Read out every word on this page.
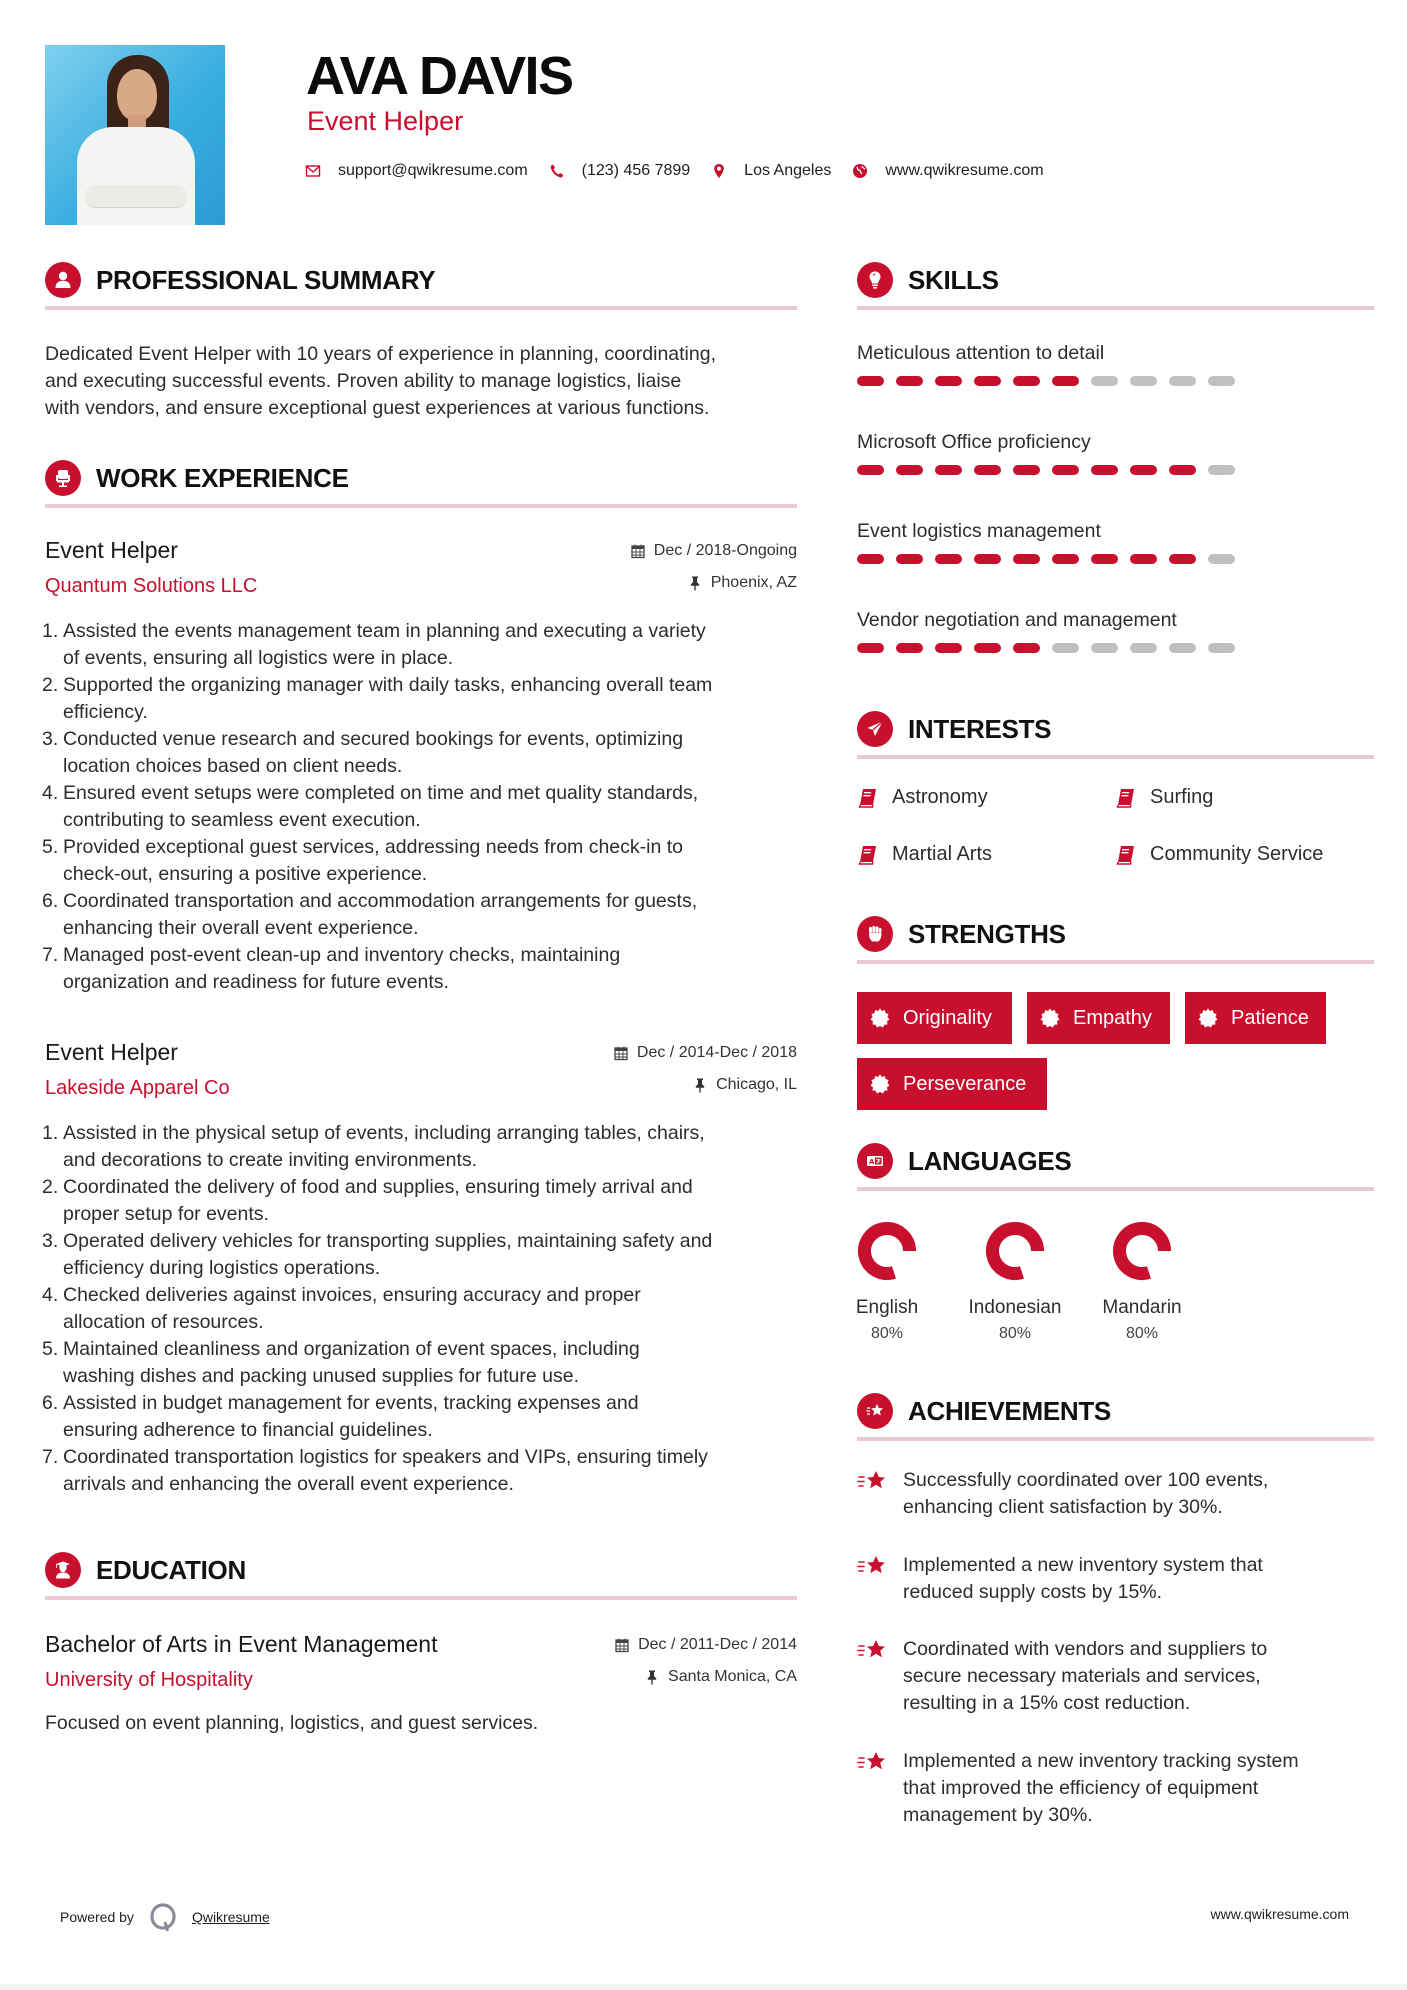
AVA DAVIS
Event Helper
support@qwikresume.com	(123) 456 7899	Los Angeles	www.qwikresume.com
PROFESSIONAL SUMMARY
Dedicated Event Helper with 10 years of experience in planning, coordinating,
and executing successful events. Proven ability to manage logistics, liaise
with vendors, and ensure exceptional guest experiences at various functions.
WORK EXPERIENCE
Event Helper
Quantum Solutions LLC
Dec / 2018-Ongoing
Phoenix, AZ
1. Assisted the events management team in planning and executing a variety
of events, ensuring all logistics were in place.
2. Supported the organizing manager with daily tasks, enhancing overall team
efficiency.
3. Conducted venue research and secured bookings for events, optimizing
location choices based on client needs.
4. Ensured event setups were completed on time and met quality standards,
contributing to seamless event execution.
5. Provided exceptional guest services, addressing needs from check-in to
check-out, ensuring a positive experience.
6. Coordinated transportation and accommodation arrangements for guests,
enhancing their overall event experience.
7. Managed post-event clean-up and inventory checks, maintaining
organization and readiness for future events.
Event Helper
Lakeside Apparel Co
Dec / 2014-Dec / 2018
Chicago, IL
1. Assisted in the physical setup of events, including arranging tables, chairs,
and decorations to create inviting environments.
2. Coordinated the delivery of food and supplies, ensuring timely arrival and
proper setup for events.
3. Operated delivery vehicles for transporting supplies, maintaining safety and
efficiency during logistics operations.
4. Checked deliveries against invoices, ensuring accuracy and proper
allocation of resources.
5. Maintained cleanliness and organization of event spaces, including
washing dishes and packing unused supplies for future use.
6. Assisted in budget management for events, tracking expenses and
ensuring adherence to financial guidelines.
7. Coordinated transportation logistics for speakers and VIPs, ensuring timely
arrivals and enhancing the overall event experience.
EDUCATION
Bachelor of Arts in Event Management
University of Hospitality
Dec / 2011-Dec / 2014
Santa Monica, CA
Focused on event planning, logistics, and guest services.
SKILLS
Meticulous attention to detail
Microsoft Office proficiency
Event logistics management
Vendor negotiation and management
INTERESTS
Astronomy	Surfing
Martial Arts	Community Service
STRENGTHS
Originality	Empathy	Patience
Perseverance
A LANGUAGES
English
80%
Indonesian
80%
Mandarin
80%
ACHIEVEMENTS
Successfully coordinated over 100 events,
enhancing client satisfaction by 30%.
Implemented a new inventory system that
reduced supply costs by 15%.
Coordinated with vendors and suppliers to
secure necessary materials and services,
resulting in a 15% cost reduction.
Implemented a new inventory tracking system
that improved the efficiency of equipment
management by 30%.
Powered by	Qwikresume	www.qwikresume.com
